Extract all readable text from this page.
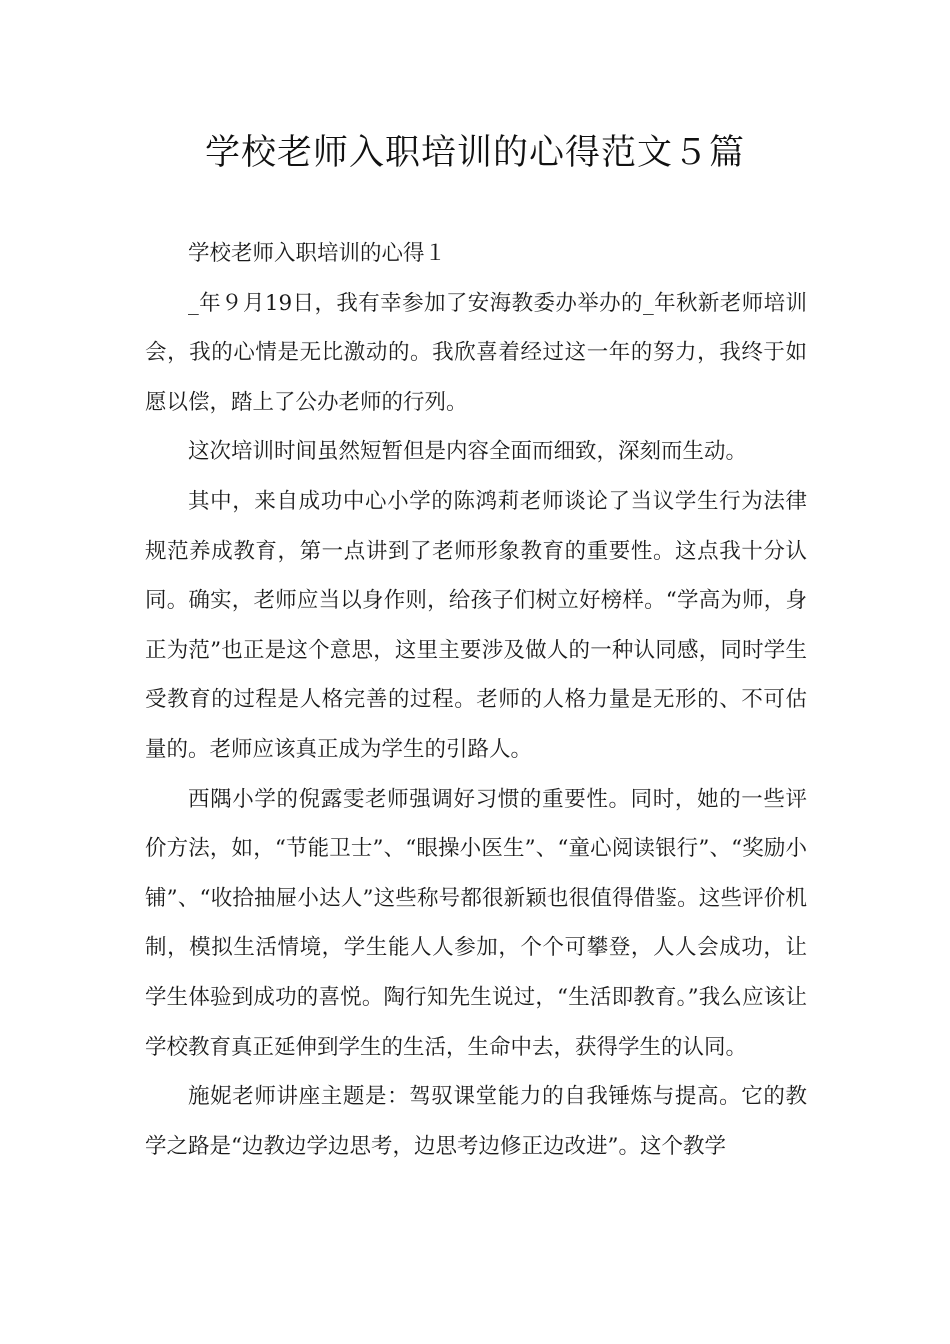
学校老师入职培训的心得范文５篇

学校老师入职培训的心得１

_年９月19日，我有幸参加了安海教委办举办的_年秋新老师培训会，我的心情是无比激动的。我欣喜着经过这一年的努力，我终于如愿以偿，踏上了公办老师的行列。

这次培训时间虽然短暂但是内容全面而细致，深刻而生动。

其中，来自成功中心小学的陈鸿莉老师谈论了当议学生行为法律规范养成教育，第一点讲到了老师形象教育的重要性。这点我十分认同。确实，老师应当以身作则，给孩子们树立好榜样。“学高为师，身正为范”也正是这个意思，这里主要涉及做人的一种认同感，同时学生受教育的过程是人格完善的过程。老师的人格力量是无形的、不可估量的。老师应该真正成为学生的引路人。

西隅小学的倪露雯老师强调好习惯的重要性。同时，她的一些评价方法，如，“节能卫士”、“眼操小医生”、“童心阅读银行”、“奖励小铺”、“收拾抽屉小达人”这些称号都很新颖也很值得借鉴。这些评价机制，模拟生活情境，学生能人人参加，个个可攀登，人人会成功，让学生体验到成功的喜悦。陶行知先生说过，“生活即教育。”我么应该让学校教育真正延伸到学生的生活，生命中去，获得学生的认同。

施妮老师讲座主题是：驾驭课堂能力的自我锤炼与提高。它的教学之路是“边教边学边思考，边思考边修正边改进”。这个教学
